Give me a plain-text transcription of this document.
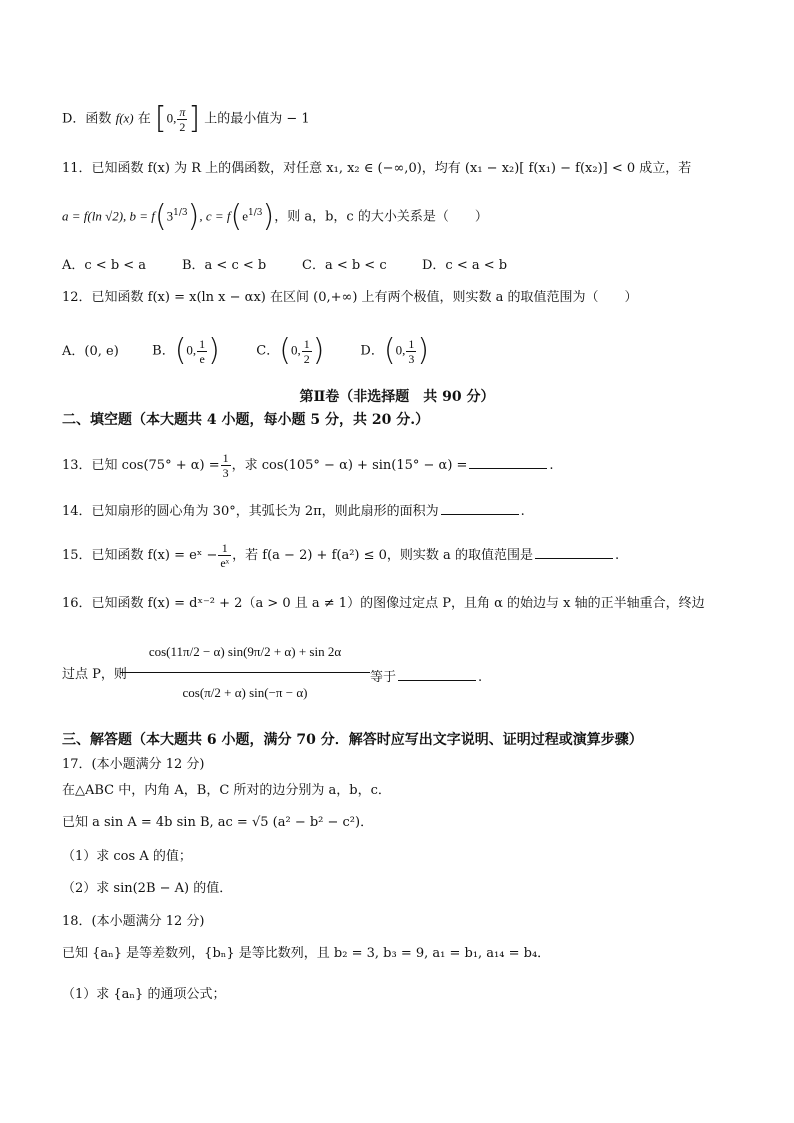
D．函数 f(x) 在 [0, $\frac{\pi}{2}$ ] 上的最小值为 − 1
11．已知函数 f(x) 为 R 上的偶函数，对任意 x₁, x₂ ∈ (−∞,0)，均有 (x₁ − x₂)[ f(x₁) − f(x₂)] < 0 成立，若
a = f(ln √2), $b = f(3^{1/3})$, $c = f(e^{1/3})$，则 a，b，c 的大小关系是（　　）
A．c < b < a	B．a < c < b	C．a < b < c	D．c < a < b
12．已知函数 f(x) = x(ln x − αx) 在区间 (0,+∞) 上有两个极值，则实数 a 的取值范围为（　　）
A．(0, e)	B．(0, $\frac{1}{e}$ )	C．(0, $\frac{1}{2}$ )	D．(0, $\frac{1}{3}$ )
第Ⅱ卷（非选择题　共 90 分）
二、填空题（本大题共 4 小题，每小题 5 分，共 20 分.）
13．已知 $\cos(75^\circ + \alpha) = \frac{1}{3}$ ，求 cos(105° − α) + sin(15° − α) =	.
14．已知扇形的圆心角为 30°，其弧长为 2π，则此扇形的面积为	.
15．已知函数 f(x) = eˣ − $\frac{1}{\text{eˣ}}$ ，若 f(a − 2) + f(a²) ≤ 0，则实数 a 的取值范围是	.
16．已知函数 f(x) = dˣ⁻² + 2（a > 0 且 a ≠ 1）的图像过定点 P，且角 α 的始边与 x 轴的正半轴重合，终边
过点 P，则
$\frac{\cos(11\pi/2 - \alpha) \sin(9\pi/2 + \alpha) + \sin 2\alpha}{\cos(\pi/2 + \alpha) \sin(-\pi - \alpha)}$ 等于	.
三、解答题（本大题共 6 小题，满分 70 分．解答时应写出文字说明、证明过程或演算步骤）
17．(本小题满分 12 分)
在△ABC 中，内角 A，B，C 所对的边分别为 a，b，c．
已知 a sin A = 4b sin B, ac = √5 (a² − b² − c²)．
（1）求 cos A 的值；
（2）求 sin(2B − A) 的值．
18．(本小题满分 12 分)
已知 {aₙ} 是等差数列，{bₙ} 是等比数列，且 b₂ = 3, b₃ = 9, a₁ = b₁, a₁₄ = b₄．
（1）求 {aₙ} 的通项公式；
